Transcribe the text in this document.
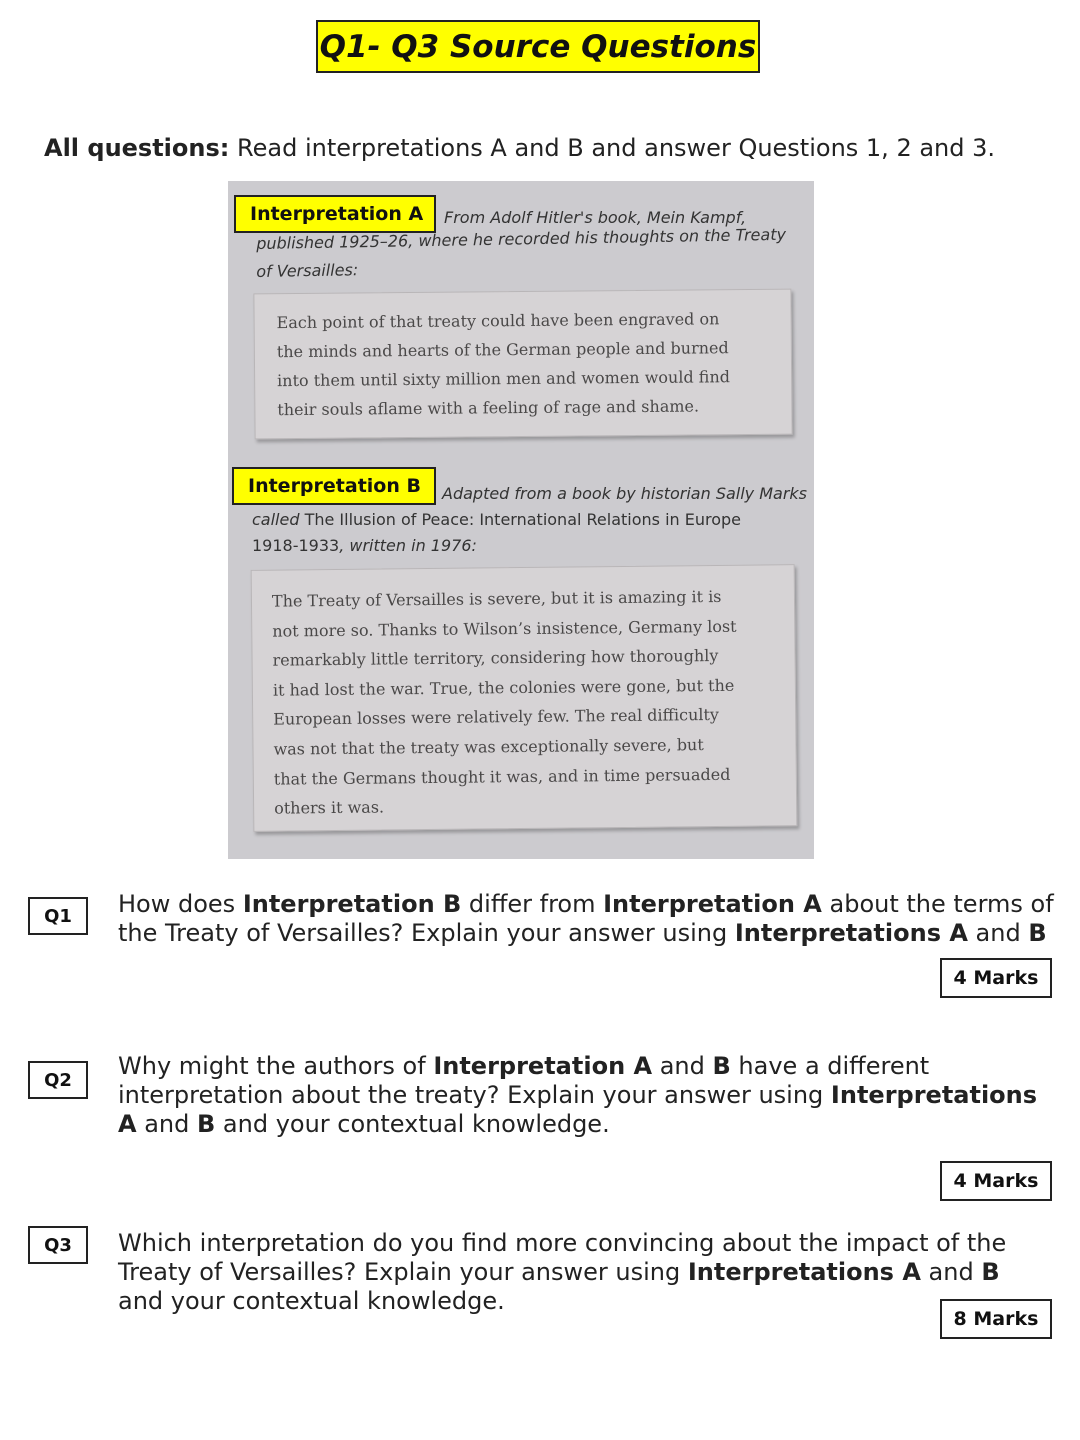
Q1- Q3 Source Questions
All questions: Read interpretations A and B and answer Questions 1, 2 and 3.
Interpretation A	From Adolf Hitler's book, Mein Kampf,
published 1925–26, where he recorded his thoughts on the Treaty
of Versailles:
Each point of that treaty could have been engraved on
the minds and hearts of the German people and burned
into them until sixty million men and women would find
their souls aflame with a feeling of rage and shame.
Interpretation B	Adapted from a book by historian Sally Marks
called The Illusion of Peace: International Relations in Europe
1918-1933, written in 1976:
The Treaty of Versailles is severe, but it is amazing it is
not more so. Thanks to Wilson’s insistence, Germany lost
remarkably little territory, considering how thoroughly
it had lost the war. True, the colonies were gone, but the
European losses were relatively few. The real difficulty
was not that the treaty was exceptionally severe, but
that the Germans thought it was, and in time persuaded
others it was.
Q1	How does Interpretation B differ from Interpretation A about the terms of the Treaty of Versailles? Explain your answer using Interpretations A and B
4 Marks
Q2	Why might the authors of Interpretation A and B have a different interpretation about the treaty? Explain your answer using Interpretations A and B and your contextual knowledge.
4 Marks
Q3	Which interpretation do you find more convincing about the impact of the Treaty of Versailles? Explain your answer using Interpretations A and B and your contextual knowledge.
8 Marks
